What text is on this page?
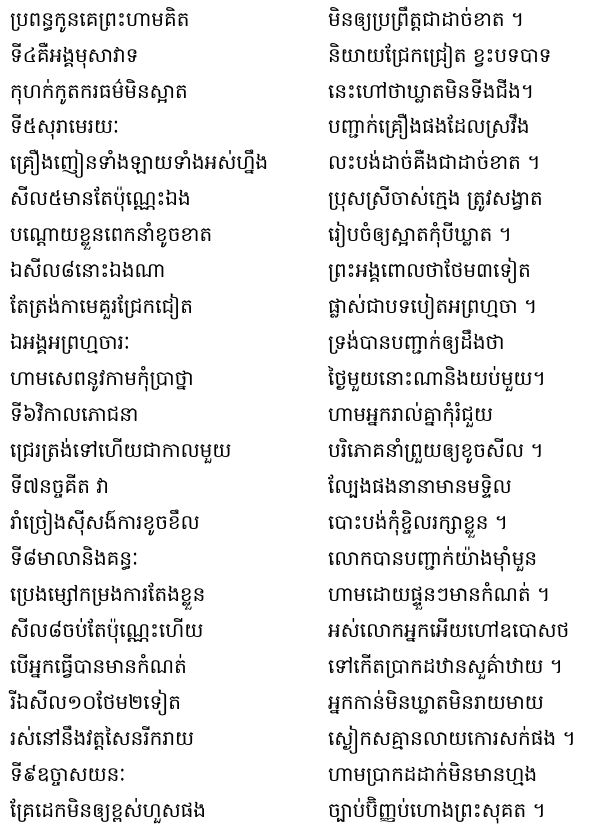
ប្រពន្ធកូនគេព្រះហាមគិត	មិនឲ្យប្រព្រឹត្តជាដាច់ខាត ។
ទី៤គឺអង្គមុសាវាទ	និយាយជ្រែកជ្រៀត ខ្វះបទបាទ
កុហក់កូតករធម៌មិនស្អាត	នេះហៅថាឃ្លាតមិនទីងជីង។
ទី៥សុរាមេរយៈ	បញ្ជាក់គ្រឿងផងដែលស្រវឹង
គ្រឿងញៀនទាំងឡាយទាំងអស់ហ្នឹង	លះបង់ដាច់គឺងជាដាច់ខាត ។
សីល៥មានតែប៉ុណ្ណេះឯង	ប្រុសស្រីចាស់ក្មេង ត្រូវសង្វាត
បណ្ដោយខ្លួនពេកនាំខូចខាត	រៀបចំឲ្យស្អាតកុំបីឃ្លាត ។
ឯសីល៨នោះឯងណា	ព្រះអង្គពោលថាថែម៣ទៀត
តែត្រង់កាមេគួរជ្រែកជៀត	ផ្លាស់ជាបទបៀតអព្រហ្មចា ។
ឯអង្គអព្រហ្មចារៈ	ទ្រង់បានបញ្ជាក់ឲ្យដឹងថា
ហាមសេពនូវកាមកុំប្រាថ្នា	ថ្ងៃមួយនោះណានិងយប់មួយ។
ទី៦វិកាលភោជនា	ហាមអ្នករាល់គ្នាកុំរំជួយ
ជ្រេរត្រង់ទៅហើយជាកាលមួយ	បរិភោគនាំព្រួយឲ្យខូចសីល ។
ទី៧នច្ចគីត វា	ល្បែងផងនានាមានមទ្ទិល
រាំច្រៀងស៊ីសង៍ការខូចខឹល	បោះបង់កុំខ្ចិលរក្សាខ្លួន ។
ទី៨មាលានិងគន្ធៈ	លោកបានបញ្ជាក់យ៉ាងម៉ាំមួន
ប្រេងម្សៅកម្រងការតែងខ្លួន	ហាមដោយផ្ទួនៗមានកំណត់ ។
សីល៨ចប់តែប៉ុណ្ណេះហើយ	អស់លោកអ្នកអើយហៅឧបោសថ
បើអ្នកធ្វើបានមានកំណត់	ទៅកើតប្រាកដឋានសួគ៌ាឋាយ ។
រីឯសីល១០ថែម២ទៀត	អ្នកកាន់មិនឃ្លាតមិនរាយមាយ
រស់នៅនឹងវត្តសៃនរីករាយ	ស្ងៀកសគ្មានលាយកោរសក់ផង ។
ទី៩ឧច្ចាសយនៈ	ហាមប្រាកដដាក់មិនមានហ្មង
គ្រែដេកមិនឲ្យខ្ពស់ហួសផង	ច្បាប់ប៊ិញ្ញប់ហោងព្រះសុគត ។
